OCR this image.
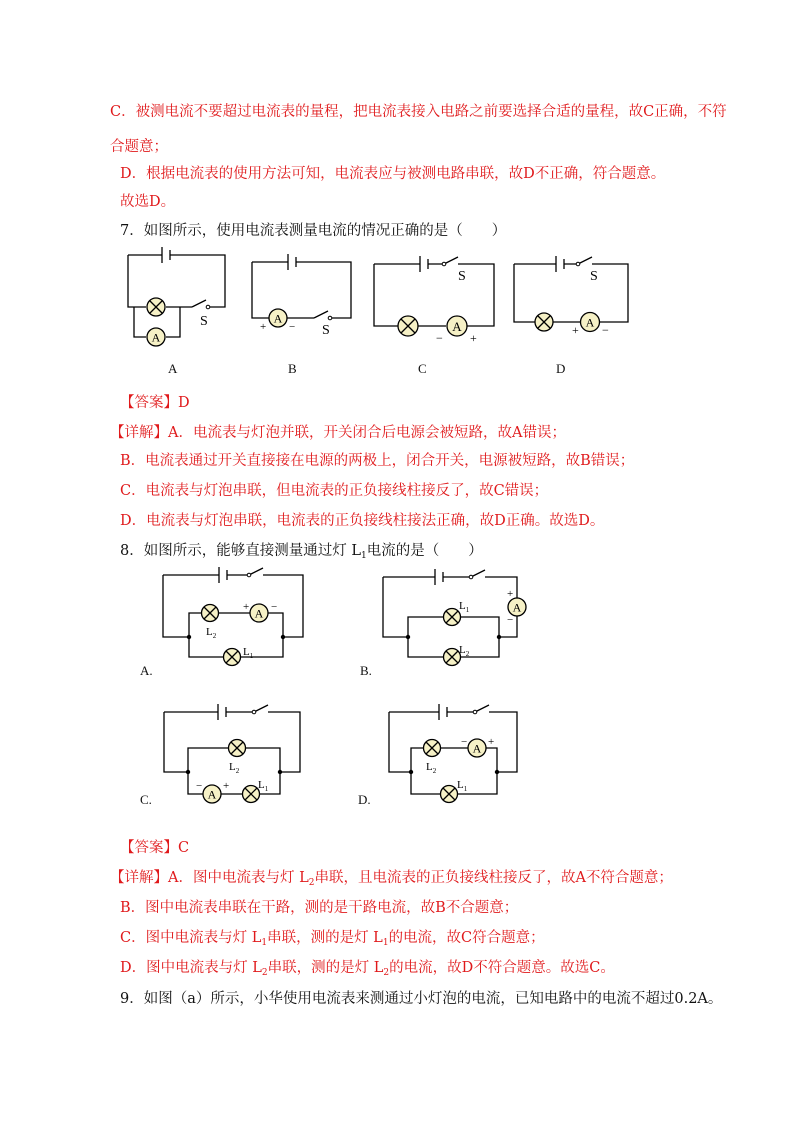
C．被测电流不要超过电流表的量程，把电流表接入电路之前要选择合适的量程，故C正确，不符
合题意；
D．根据电流表的使用方法可知，电流表应与被测电路串联，故D不正确，符合题意。
故选D。
7．如图所示，使用电流表测量电流的情况正确的是（　　）
A
S
A
A
+ − S
B
A
− +
S
C
A
+ −
S
D
【答案】D
【详解】A．电流表与灯泡并联，开关闭合后电源会被短路，故A错误；
B．电流表通过开关直接接在电源的两极上，闭合开关，电源被短路，故B错误；
C．电流表与灯泡串联，但电流表的正负接线柱接反了，故C错误；
D．电流表与灯泡串联，电流表的正负接线柱接法正确，故D正确。故选D。
8．如图所示，能够直接测量通过灯 $L_1$电流的是（　　）
A
+ −
$L_2$
$L_1$
A.
A
+
−
$L_1$
$L_2$
B.
$L_2$
A
− +	$L_1$
C.
$L_2$
A
− +
$L_1$
D.
【答案】C
【详解】A．图中电流表与灯 $L_2$串联，且电流表的正负接线柱接反了，故A不符合题意；
B．图中电流表串联在干路，测的是干路电流，故B不合题意；
C．图中电流表与灯 $L_1$串联，测的是灯 $L_1$的电流，故C符合题意；
D．图中电流表与灯 $L_2$串联，测的是灯 $L_2$的电流，故D不符合题意。故选C。
9．如图（a）所示，小华使用电流表来测通过小灯泡的电流，已知电路中的电流不超过0.2A。
